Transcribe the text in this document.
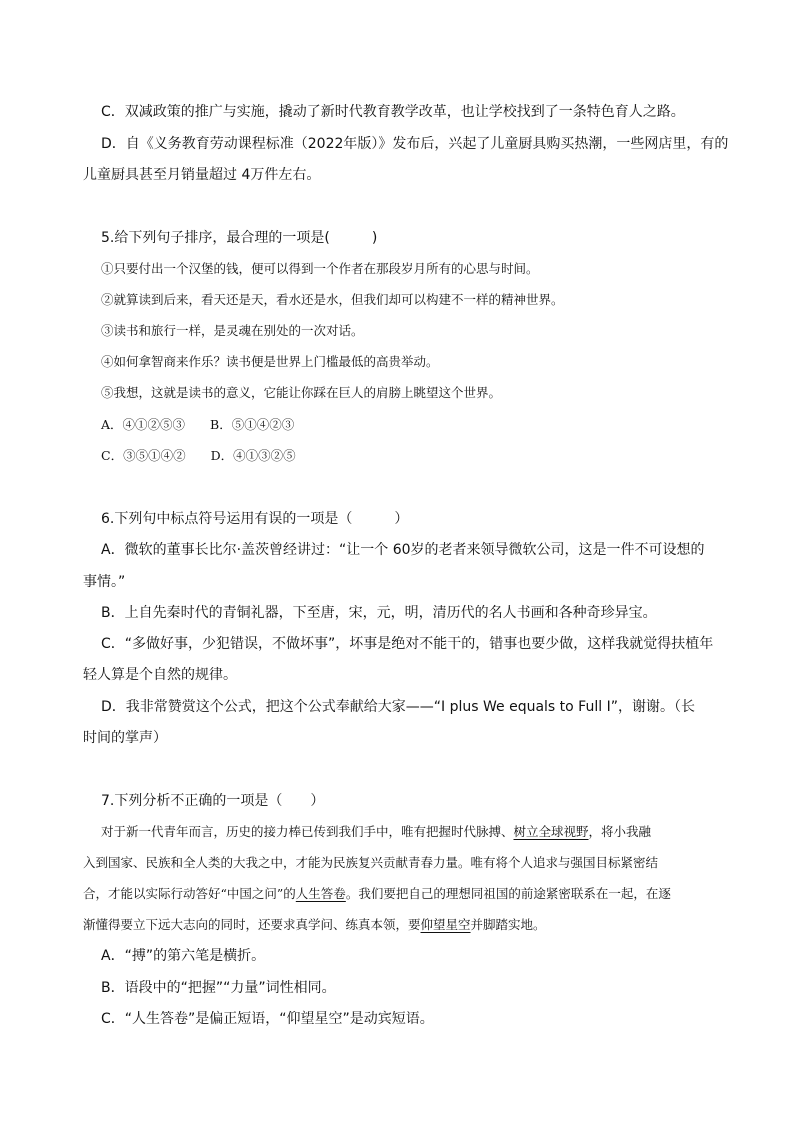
C．双减政策的推广与实施，撬动了新时代教育教学改革，也让学校找到了一条特色育人之路。
D．自《义务教育劳动课程标准（2022年版）》发布后，兴起了儿童厨具购买热潮，一些网店里，有的
儿童厨具甚至月销量超过 4万件左右。
5.给下列句子排序，最合理的一项是(　　　)
①只要付出一个汉堡的钱，便可以得到一个作者在那段岁月所有的心思与时间。
②就算读到后来，看天还是天，看水还是水，但我们却可以构建不一样的精神世界。
③读书和旅行一样，是灵魂在别处的一次对话。
④如何拿智商来作乐？读书便是世界上门槛最低的高贵举动。
⑤我想，这就是读书的意义，它能让你踩在巨人的肩膀上眺望这个世界。
A．④①②⑤③　　B．⑤①④②③
C．③⑤①④②　　D．④①③②⑤
6.下列句中标点符号运用有误的一项是（　　　）
A．微软的董事长比尔·盖茨曾经讲过：“让一个 60岁的老者来领导微软公司，这是一件不可设想的
事情。”
B．上自先秦时代的青铜礼器，下至唐，宋，元，明，清历代的名人书画和各种奇珍异宝。
C．“多做好事，少犯错误，不做坏事”，坏事是绝对不能干的，错事也要少做，这样我就觉得扶植年
轻人算是个自然的规律。
D．我非常赞赏这个公式，把这个公式奉献给大家——“I plus We equals to Full I”，谢谢。（长
时间的掌声）
7.下列分析不正确的一项是（　　）
对于新一代青年而言，历史的接力棒已传到我们手中，唯有把握时代脉搏、树立全球视野，将小我融
入到国家、民族和全人类的大我之中，才能为民族复兴贡献青春力量。唯有将个人追求与强国目标紧密结
合，才能以实际行动答好“中国之问”的人生答卷。我们要把自己的理想同祖国的前途紧密联系在一起，在逐
渐懂得要立下远大志向的同时，还要求真学问、练真本领，要仰望星空并脚踏实地。
A．“搏”的第六笔是横折。
B．语段中的“把握”“力量”词性相同。
C．“人生答卷”是偏正短语，“仰望星空”是动宾短语。
